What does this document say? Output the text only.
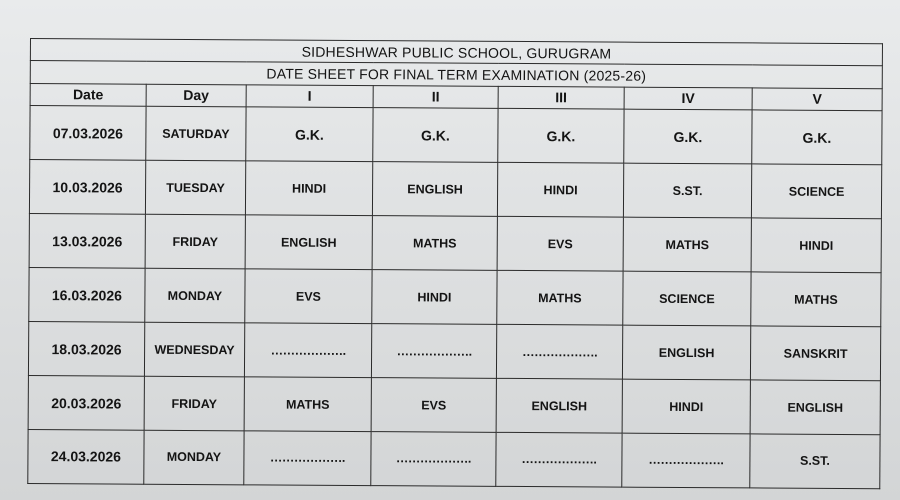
SIDHESHWAR PUBLIC SCHOOL, GURUGRAM						
DATE SHEET FOR FINAL TERM EXAMINATION (2025-26)						
Date	Day	I	II	III	IV	V
07.03.2026	SATURDAY	G.K.	G.K.	G.K.	G.K.	G.K.
10.03.2026	TUESDAY	HINDI	ENGLISH	HINDI	S.ST.	SCIENCE
13.03.2026	FRIDAY	ENGLISH	MATHS	EVS	MATHS	HINDI
16.03.2026	MONDAY	EVS	HINDI	MATHS	SCIENCE	MATHS
18.03.2026	WEDNESDAY	……………….	……………….	……………….	ENGLISH	SANSKRIT
20.03.2026	FRIDAY	MATHS	EVS	ENGLISH	HINDI	ENGLISH
24.03.2026	MONDAY	……………….	……………….	……………….	……………….	S.ST.
